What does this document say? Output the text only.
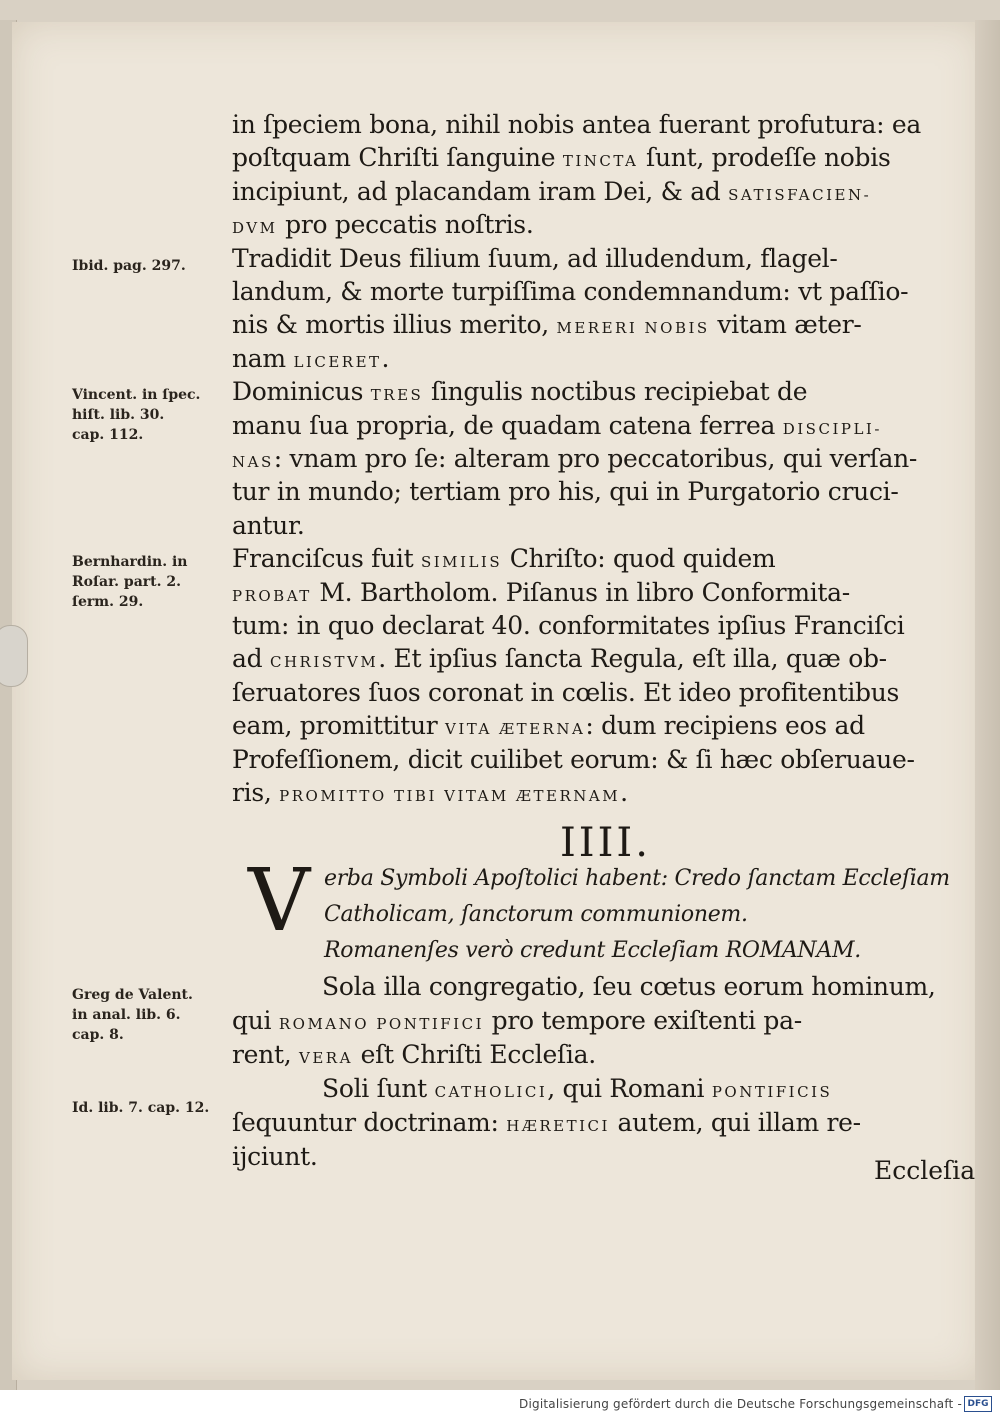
Ibid. pag. 297.
Vincent. in ſpec.
hiſt. lib. 30.
cap. 112.
Bernhardin. in
Roſar. part. 2.
ſerm. 29.
Greg de Valent.
in anal. lib. 6.
cap. 8.
Id. lib. 7. cap. 12.
in ſpeciem bona, nihil nobis antea fuerant profutura: ea
poſtquam Chriſti ſanguine TINCTA ſunt, prodeſſe nobis
incipiunt, ad placandam iram Dei, & ad SATISFACIEN-
DVM pro peccatis noſtris.
Tradidit Deus filium ſuum, ad illudendum, flagel-
landum, & morte turpiſſima condemnandum: vt paſſio-
nis & mortis illius merito, MERERI NOBIS vitam æter-
nam LICERET.
Dominicus TRES ſingulis noctibus recipiebat de
manu ſua propria, de quadam catena ferrea DISCIPLI-
NAS: vnam pro ſe: alteram pro peccatoribus, qui verſan-
tur in mundo; tertiam pro his, qui in Purgatorio cruci-
antur.
Franciſcus fuit SIMILIS Chriſto: quod quidem
PROBAT M. Bartholom. Piſanus in libro Conformita-
tum: in quo declarat 40. conformitates ipſius Franciſci
ad CHRISTVM. Et ipſius ſancta Regula, eſt illa, quæ ob-
ſeruatores ſuos coronat in cœlis. Et ideo profitentibus
eam, promittitur VITA ÆTERNA: dum recipiens eos ad
Profeſſionem, dicit cuilibet eorum: & ſi hæc obſeruaue-
ris, PROMITTO TIBI VITAM ÆTERNAM.
IIII.
V erba Symboli Apoſtolici habent: Credo ſanctam Eccleſiam
Catholicam, ſanctorum communionem.
Romanenſes verò credunt Eccleſiam ROMANAM.
Sola illa congregatio, ſeu cœtus eorum hominum,
qui ROMANO PONTIFICI pro tempore exiſtenti pa-
rent, VERA eſt Chriſti Eccleſia.
Soli ſunt CATHOLICI, qui Romani PONTIFICIS
ſequuntur doctrinam: HÆRETICI autem, qui illam re-
ijciunt.	Eccleſia
Digitalisierung gefördert durch die Deutsche Forschungsgemeinschaft - DFG
